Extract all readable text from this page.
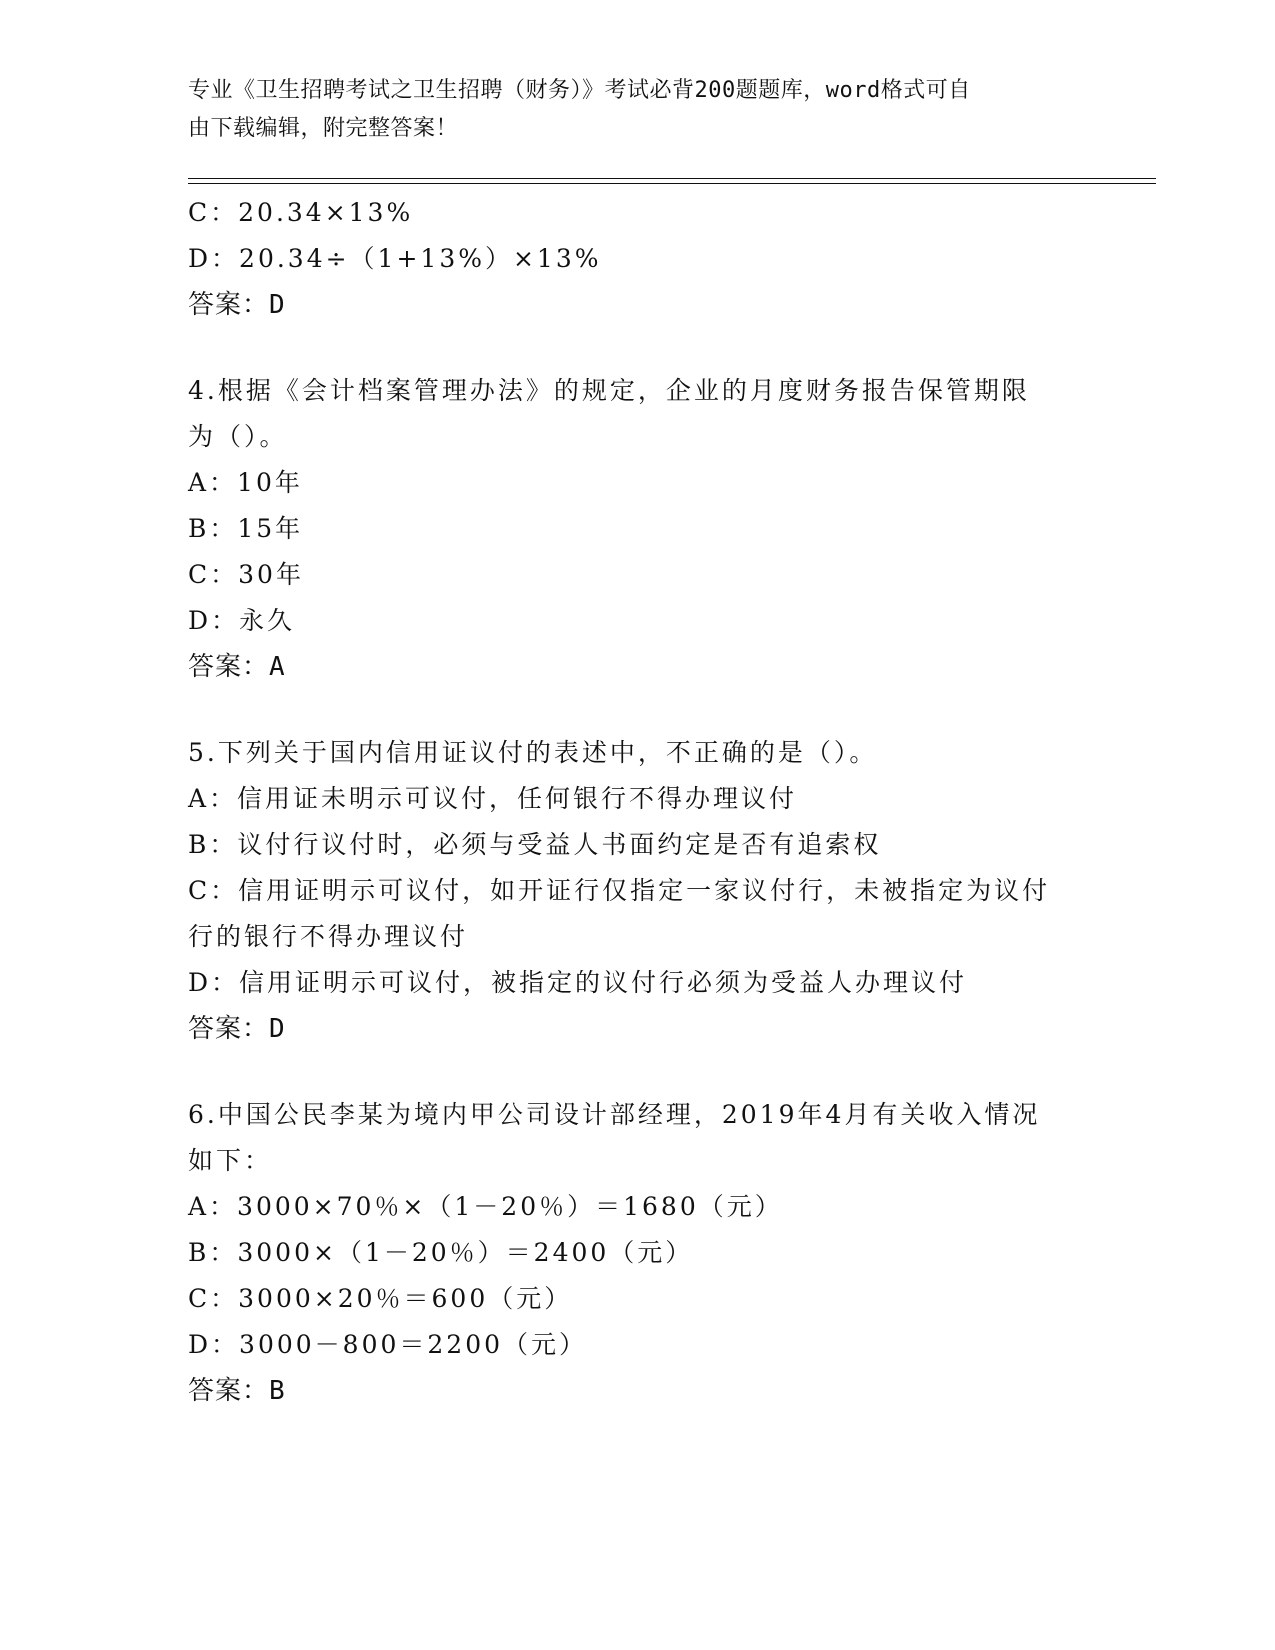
专业《卫生招聘考试之卫生招聘（财务）》考试必背200题题库，word格式可自
由下载编辑，附完整答案！
C：20.34×13%
D：20.34÷（1+13%）×13%
答案：D
4.根据《会计档案管理办法》的规定，企业的月度财务报告保管期限
为（）。
A：10年
B：15年
C：30年
D：永久
答案：A
5.下列关于国内信用证议付的表述中，不正确的是（）。
A：信用证未明示可议付，任何银行不得办理议付
B：议付行议付时，必须与受益人书面约定是否有追索权
C：信用证明示可议付，如开证行仅指定一家议付行，未被指定为议付
行的银行不得办理议付
D：信用证明示可议付，被指定的议付行必须为受益人办理议付
答案：D
6.中国公民李某为境内甲公司设计部经理，2019年4月有关收入情况
如下：
A：3000×70％×（1－20％）＝1680（元）
B：3000×（1－20％）＝2400（元）
C：3000×20％＝600（元）
D：3000－800＝2200（元）
答案：B
